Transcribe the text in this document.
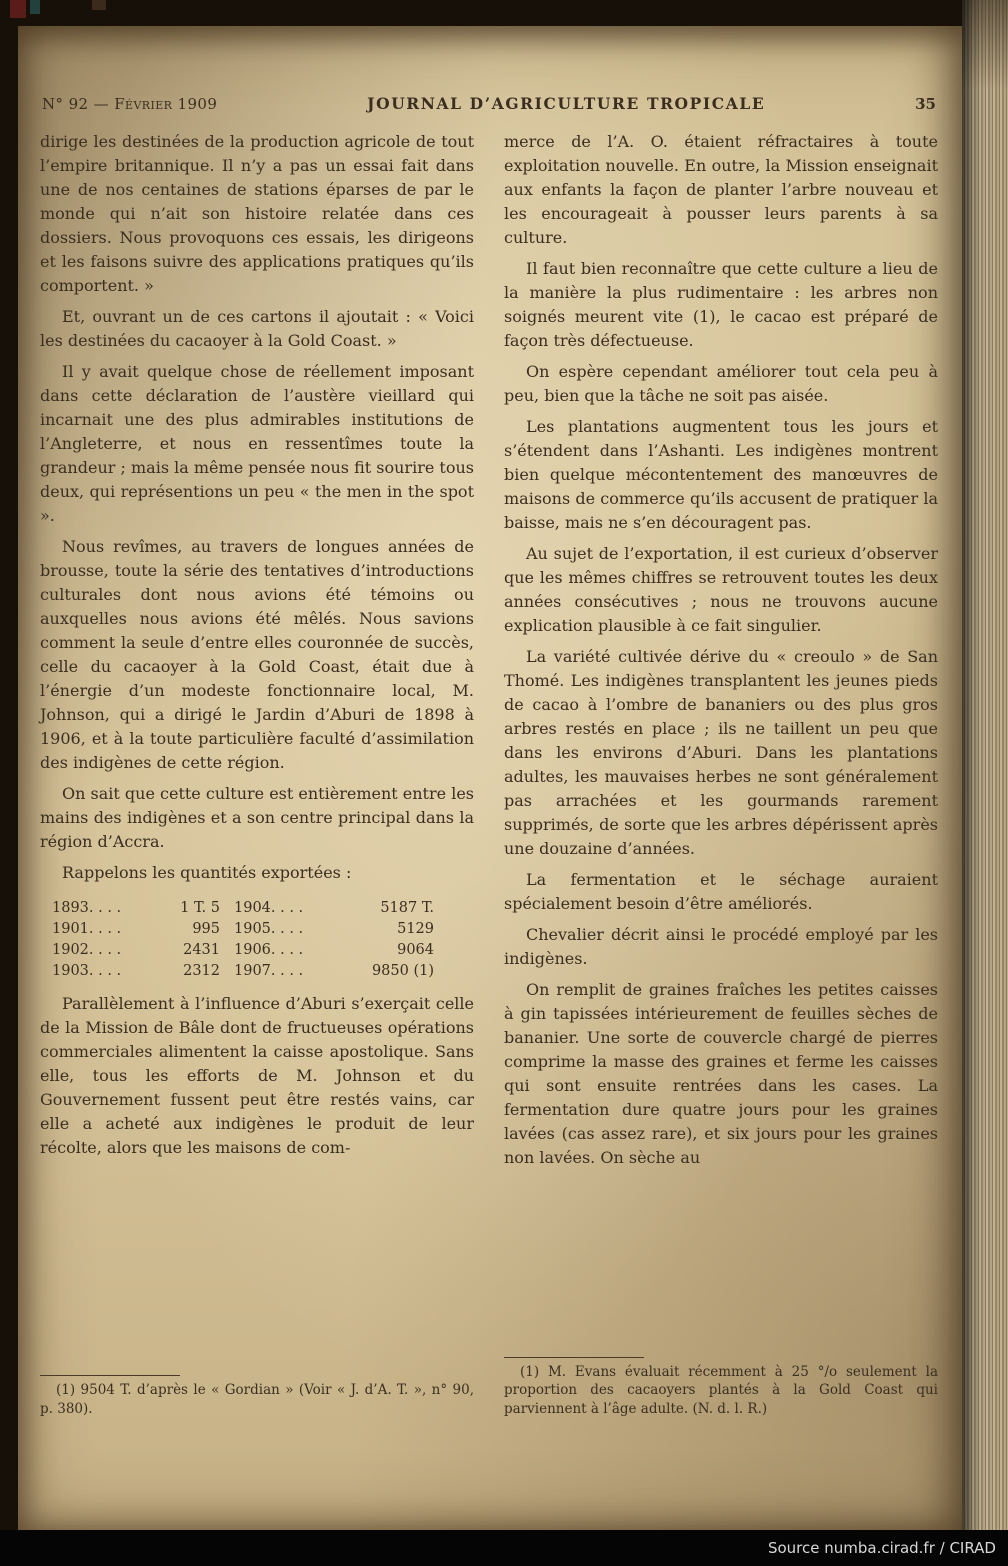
N° 92 — Février 1909	JOURNAL D’AGRICULTURE TROPICALE	35

dirige les destinées de la production agricole de tout l’empire britannique. Il n’y a pas un essai fait dans une de nos centaines de stations éparses de par le monde qui n’ait son histoire relatée dans ces dossiers. Nous provoquons ces essais, les dirigeons et les faisons suivre des applications pratiques qu’ils comportent. »

Et, ouvrant un de ces cartons il ajoutait : « Voici les destinées du cacaoyer à la Gold Coast. »

Il y avait quelque chose de réellement imposant dans cette déclaration de l’austère vieillard qui incarnait une des plus admirables institutions de l’Angleterre, et nous en ressentîmes toute la grandeur ; mais la même pensée nous fit sourire tous deux, qui représentions un peu « the men in the spot ».

Nous revîmes, au travers de longues années de brousse, toute la série des tentatives d’introductions culturales dont nous avions été témoins ou auxquelles nous avions été mêlés. Nous savions comment la seule d’entre elles couronnée de succès, celle du cacaoyer à la Gold Coast, était due à l’énergie d’un modeste fonctionnaire local, M. Johnson, qui a dirigé le Jardin d’Aburi de 1898 à 1906, et à la toute particulière faculté d’assimilation des indigènes de cette région.

On sait que cette culture est entièrement entre les mains des indigènes et a son centre principal dans la région d’Accra.

Rappelons les quantités exportées :

1893. . . .	1 T. 5 1904. . . .	5187 T.
1901. . . .	995 1905. . . .	5129
1902. . . .	2431 1906. . . .	9064
1903. . . .	2312 1907. . . .	9850 (1)

Parallèlement à l’influence d’Aburi s’exerçait celle de la Mission de Bâle dont de fructueuses opérations commerciales alimentent la caisse apostolique. Sans elle, tous les efforts de M. Johnson et du Gouvernement fussent peut être restés vains, car elle a acheté aux indigènes le produit de leur récolte, alors que les maisons de com-

(1) 9504 T. d’après le « Gordian » (Voir « J. d’A. T. », n° 90, p. 380).

merce de l’A. O. étaient réfractaires à toute exploitation nouvelle. En outre, la Mission enseignait aux enfants la façon de planter l’arbre nouveau et les encourageait à pousser leurs parents à sa culture.

Il faut bien reconnaître que cette culture a lieu de la manière la plus rudimentaire : les arbres non soignés meurent vite (1), le cacao est préparé de façon très défectueuse.

On espère cependant améliorer tout cela peu à peu, bien que la tâche ne soit pas aisée.

Les plantations augmentent tous les jours et s’étendent dans l’Ashanti. Les indigènes montrent bien quelque mécontentement des manœuvres de maisons de commerce qu’ils accusent de pratiquer la baisse, mais ne s’en découragent pas.

Au sujet de l’exportation, il est curieux d’observer que les mêmes chiffres se retrouvent toutes les deux années consécutives ; nous ne trouvons aucune explication plausible à ce fait singulier.

La variété cultivée dérive du « creoulo » de San Thomé. Les indigènes transplantent les jeunes pieds de cacao à l’ombre de bananiers ou des plus gros arbres restés en place ; ils ne taillent un peu que dans les environs d’Aburi. Dans les plantations adultes, les mauvaises herbes ne sont généralement pas arrachées et les gourmands rarement supprimés, de sorte que les arbres dépérissent après une douzaine d’années.

La fermentation et le séchage auraient spécialement besoin d’être améliorés.

Chevalier décrit ainsi le procédé employé par les indigènes.

On remplit de graines fraîches les petites caisses à gin tapissées intérieurement de feuilles sèches de bananier. Une sorte de couvercle chargé de pierres comprime la masse des graines et ferme les caisses qui sont ensuite rentrées dans les cases. La fermentation dure quatre jours pour les graines lavées (cas assez rare), et six jours pour les graines non lavées. On sèche au

(1) M. Evans évaluait récemment à 25 °/o seulement la proportion des cacaoyers plantés à la Gold Coast qui parviennent à l’âge adulte. (N. d. l. R.)

Source numba.cirad.fr / CIRAD
